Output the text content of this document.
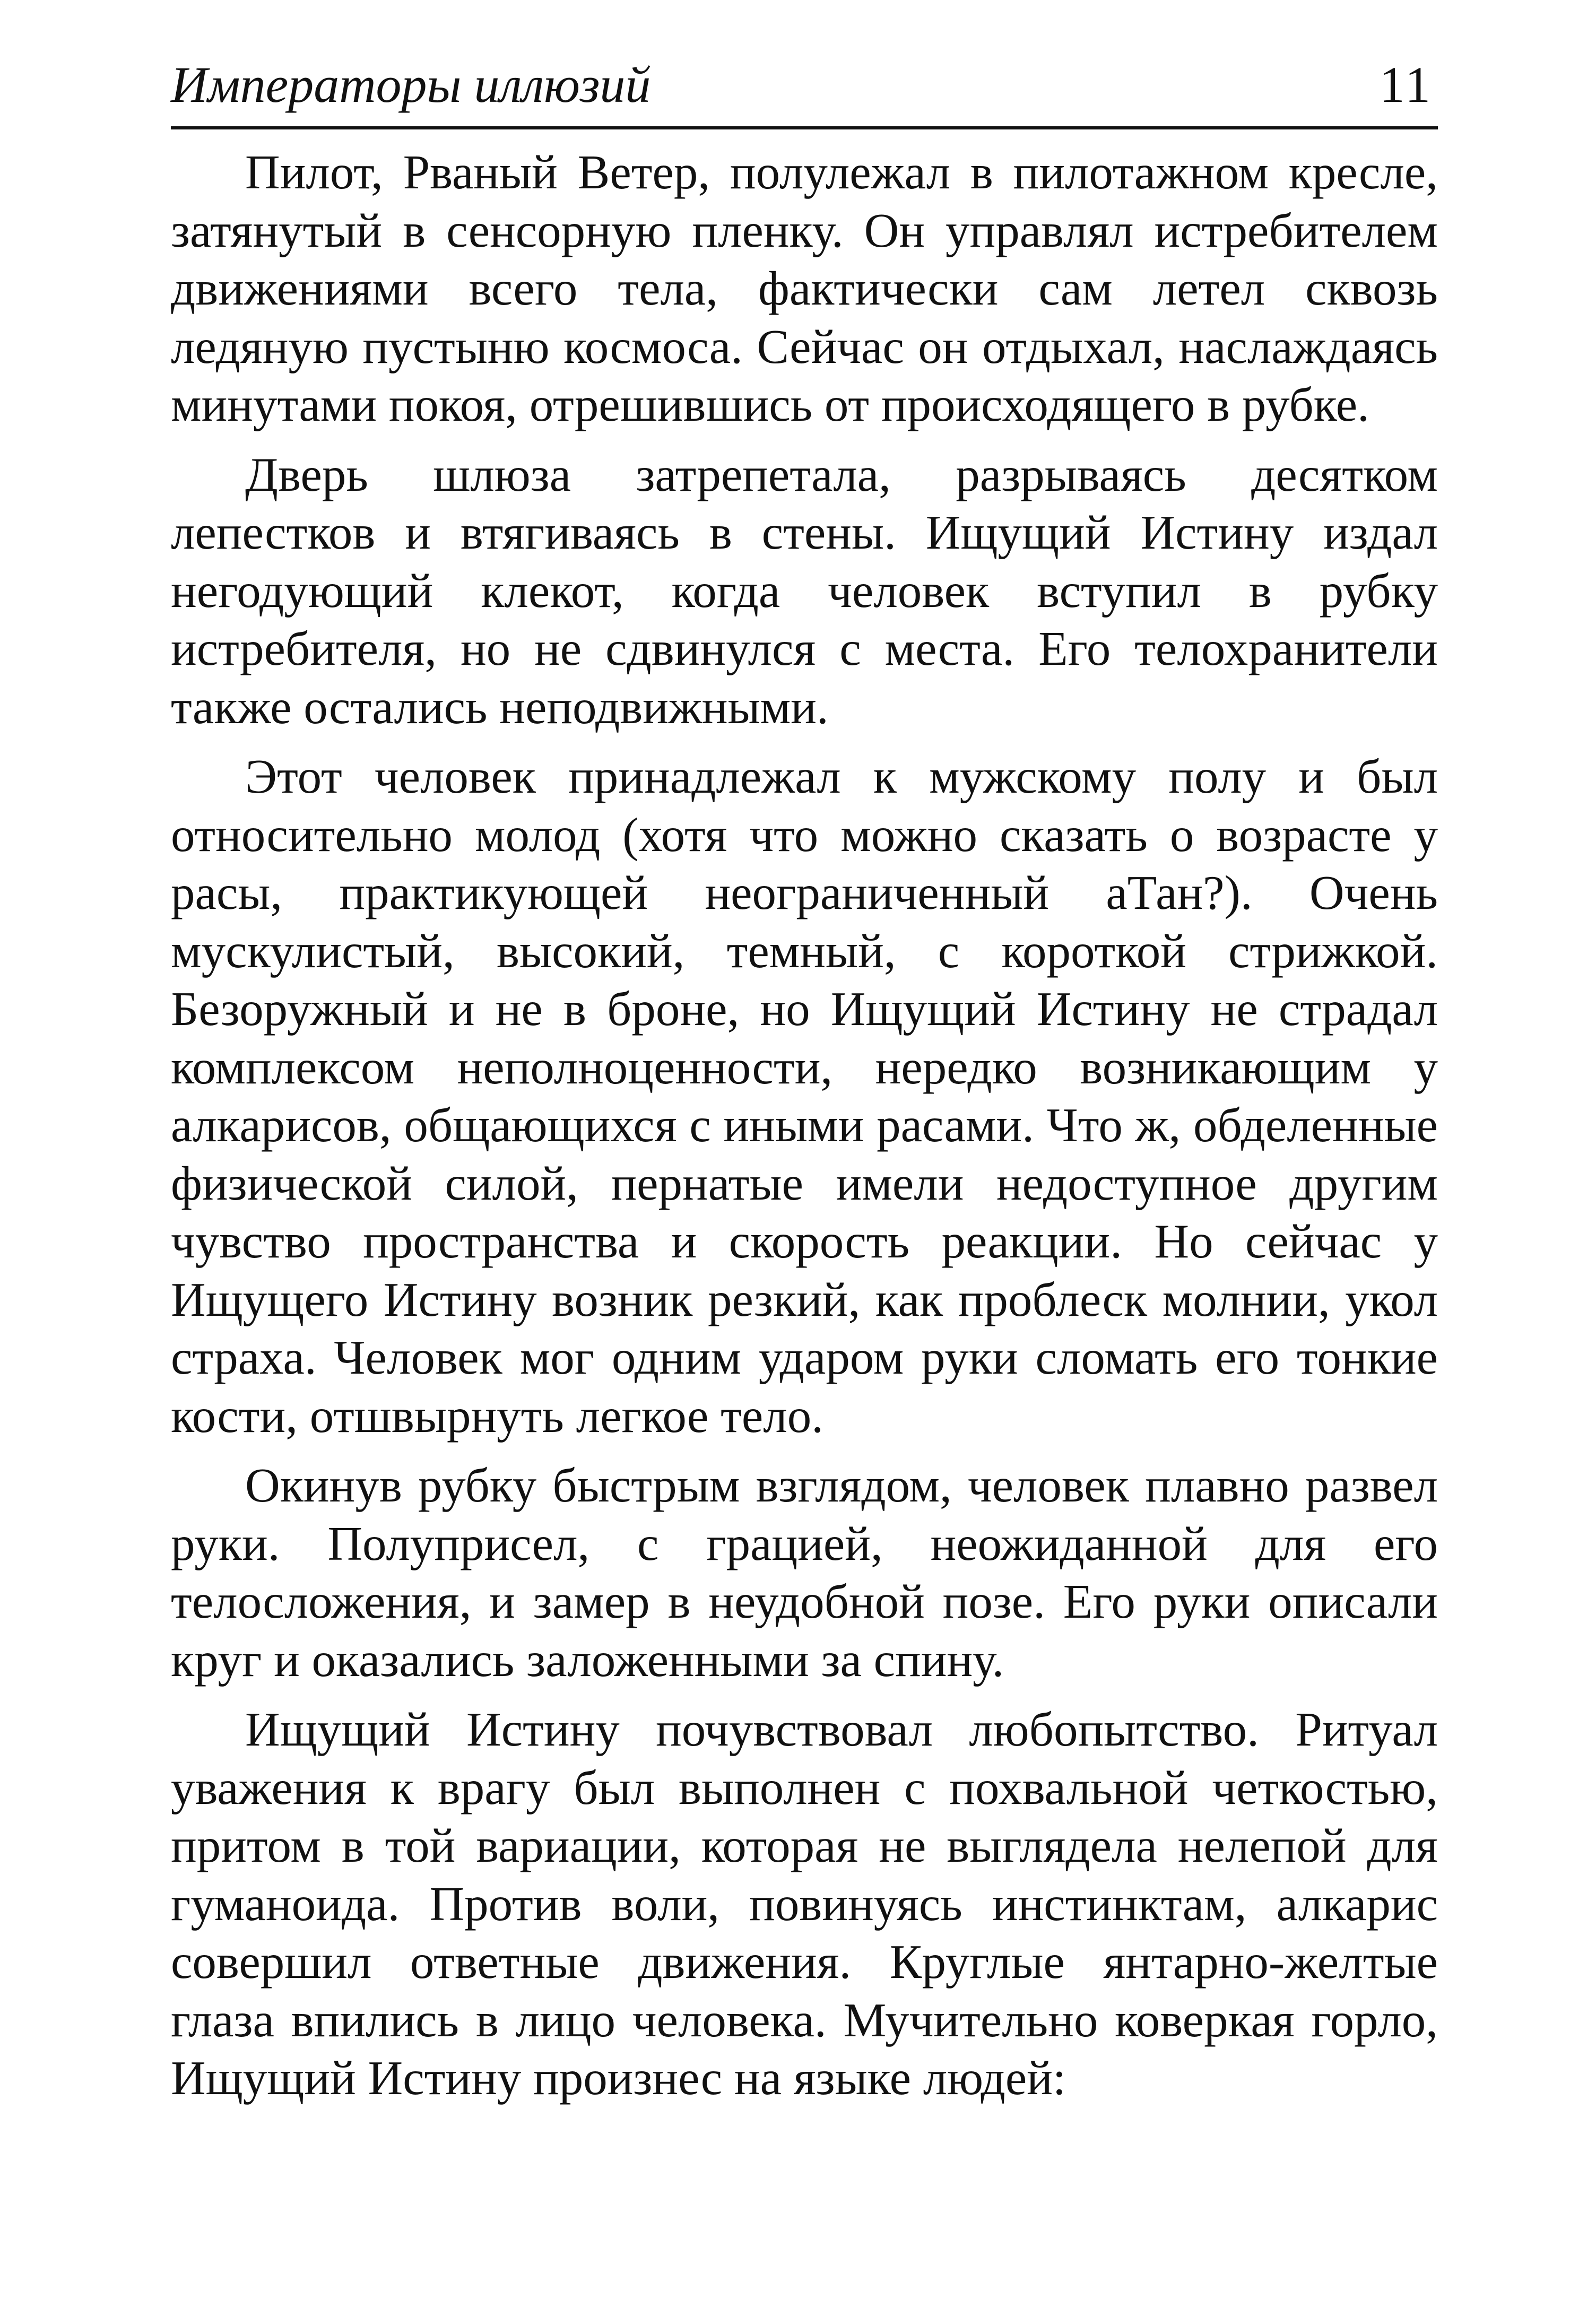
Императоры иллюзий	11

Пилот, Рваный Ветер, полулежал в пилотажном кресле, затянутый в сенсорную пленку. Он управлял истребителем движениями всего тела, фактически сам летел сквозь ледяную пустыню космоса. Сейчас он отдыхал, наслаждаясь минутами покоя, отрешившись от происходящего в рубке.

Дверь шлюза затрепетала, разрываясь десятком лепестков и втягиваясь в стены. Ищущий Истину издал негодующий клекот, когда человек вступил в рубку истребителя, но не сдвинулся с места. Его телохранители также остались неподвижными.

Этот человек принадлежал к мужскому полу и был относительно молод (хотя что можно сказать о возрасте у расы, практикующей неограниченный аТан?). Очень мускулистый, высокий, темный, с короткой стрижкой. Безоружный и не в броне, но Ищущий Истину не страдал комплексом неполноценности, нередко возникающим у алкарисов, общающихся с иными расами. Что ж, обделенные физической силой, пернатые имели недоступное другим чувство пространства и скорость реакции. Но сейчас у Ищущего Истину возник резкий, как проблеск молнии, укол страха. Человек мог одним ударом руки сломать его тонкие кости, отшвырнуть легкое тело.

Окинув рубку быстрым взглядом, человек плавно развел руки. Полуприсел, с грацией, неожиданной для его телосложения, и замер в неудобной позе. Его руки описали круг и оказались заложенными за спину.

Ищущий Истину почувствовал любопытство. Ритуал уважения к врагу был выполнен с похвальной четкостью, притом в той вариации, которая не выглядела нелепой для гуманоида. Против воли, повинуясь инстинктам, алкарис совершил ответные движения. Круглые янтарно-желтые глаза впились в лицо человека. Мучительно коверкая горло, Ищущий Истину произнес на языке людей:
